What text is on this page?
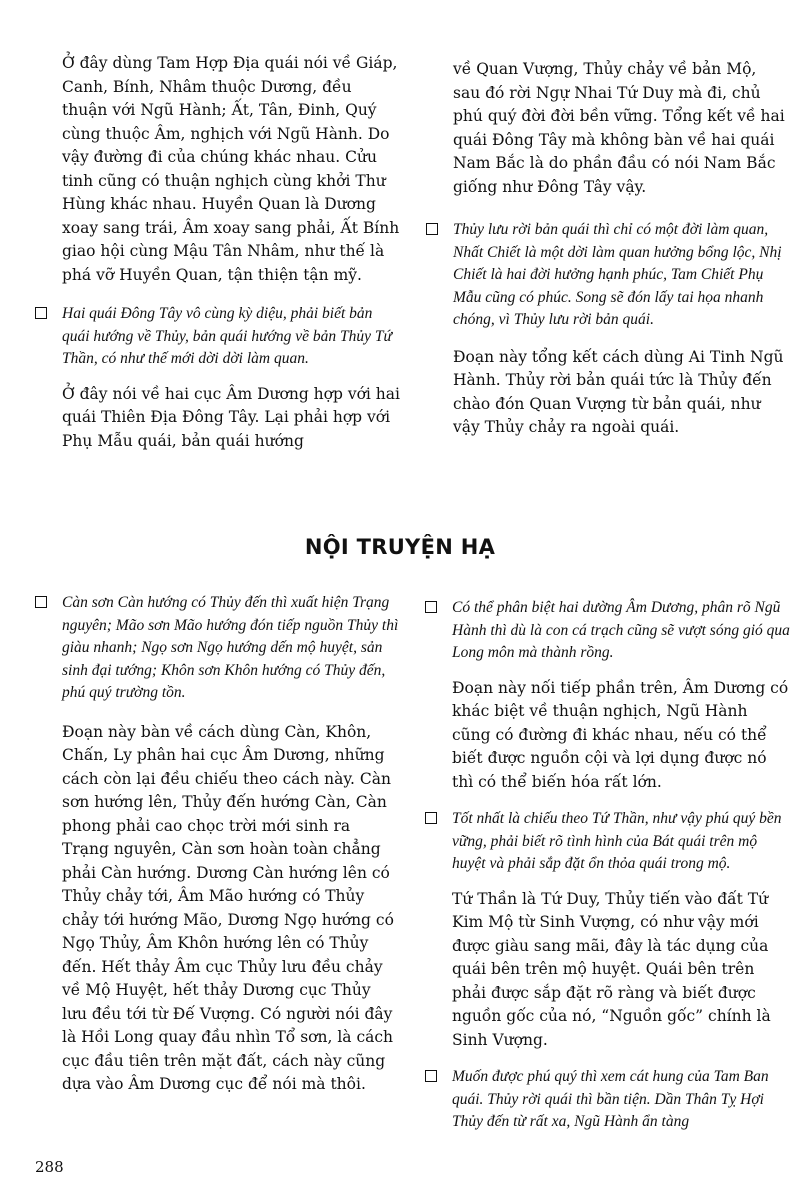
Ở đây dùng Tam Hợp Địa quái nói về Giáp, Canh, Bính, Nhâm thuộc Dương, đều thuận với Ngũ Hành; Ất, Tân, Đinh, Quý cùng thuộc Âm, nghịch với Ngũ Hành. Do vậy đường đi của chúng khác nhau. Cửu tinh cũng có thuận nghịch cùng khởi Thư Hùng khác nhau. Huyền Quan là Dương xoay sang trái, Âm xoay sang phải, Ất Bính giao hội cùng Mậu Tân Nhâm, như thế là phá vỡ Huyền Quan, tận thiện tận mỹ.

Hai quái Đông Tây vô cùng kỳ diệu, phải biết bản quái hướng về Thủy, bản quái hướng về bản Thủy Tứ Thần, có như thế mới dời dời làm quan.

Ở đây nói về hai cục Âm Dương hợp với hai quái Thiên Địa Đông Tây. Lại phải hợp với Phụ Mẫu quái, bản quái hướng

về Quan Vượng, Thủy chảy về bản Mộ, sau đó rời Ngự Nhai Tứ Duy mà đi, chủ phú quý đời đời bền vững. Tổng kết về hai quái Đông Tây mà không bàn về hai quái Nam Bắc là do phần đầu có nói Nam Bắc giống như Đông Tây vậy.

Thủy lưu rời bản quái thì chỉ có một đời làm quan, Nhất Chiết là một dời làm quan hưởng bổng lộc, Nhị Chiết là hai đời hưởng hạnh phúc, Tam Chiết Phụ Mẫu cũng có phúc. Song sẽ đón lấy tai họa nhanh chóng, vì Thủy lưu rời bản quái.

Đoạn này tổng kết cách dùng Ai Tinh Ngũ Hành. Thủy rời bản quái tức là Thủy đến chào đón Quan Vượng từ bản quái, như vậy Thủy chảy ra ngoài quái.

NỘI TRUYỆN HẠ
Càn sơn Càn hướng có Thủy đến thì xuất hiện Trạng nguyên; Mão sơn Mão hướng đón tiếp nguồn Thủy thì giàu nhanh; Ngọ sơn Ngọ hướng dến mộ huyệt, sản sinh đại tướng; Khôn sơn Khôn hướng có Thủy đến, phú quý trường tồn.

Đoạn này bàn về cách dùng Càn, Khôn, Chấn, Ly phân hai cục Âm Dương, những cách còn lại đều chiếu theo cách này. Càn sơn hướng lên, Thủy đến hướng Càn, Càn phong phải cao chọc trời mới sinh ra Trạng nguyên, Càn sơn hoàn toàn chẳng phải Càn hướng. Dương Càn hướng lên có Thủy chảy tới, Âm Mão hướng có Thủy chảy tới hướng Mão, Dương Ngọ hướng có Ngọ Thủy, Âm Khôn hướng lên có Thủy đến. Hết thảy Âm cục Thủy lưu đều chảy về Mộ Huyệt, hết thảy Dương cục Thủy lưu đều tới từ Đế Vượng. Có người nói đây là Hồi Long quay đầu nhìn Tổ sơn, là cách cục đầu tiên trên mặt đất, cách này cũng dựa vào Âm Dương cục để nói mà thôi.

Có thể phân biệt hai dường Âm Dương, phân rõ Ngũ Hành thì dù là con cá trạch cũng sẽ vượt sóng gió qua Long môn mà thành rồng.

Đoạn này nối tiếp phần trên, Âm Dương có khác biệt về thuận nghịch, Ngũ Hành cũng có đường đi khác nhau, nếu có thể biết được nguồn cội và lợi dụng được nó thì có thể biến hóa rất lớn.

Tốt nhất là chiếu theo Tứ Thần, như vậy phú quý bền vững, phải biết rõ tình hình của Bát quái trên mộ huyệt và phải sắp đặt ổn thỏa quái trong mộ.

Tứ Thần là Tứ Duy, Thủy tiến vào đất Tứ Kim Mộ từ Sinh Vượng, có như vậy mới được giàu sang mãi, đây là tác dụng của quái bên trên mộ huyệt. Quái bên trên phải được sắp đặt rõ ràng và biết được nguồn gốc của nó, “Nguồn gốc” chính là Sinh Vượng.

Muốn được phú quý thì xem cát hung của Tam Ban quái. Thủy rời quái thì bần tiện. Dần Thân Tỵ Hợi Thủy đến từ rất xa, Ngũ Hành ẩn tàng
288
